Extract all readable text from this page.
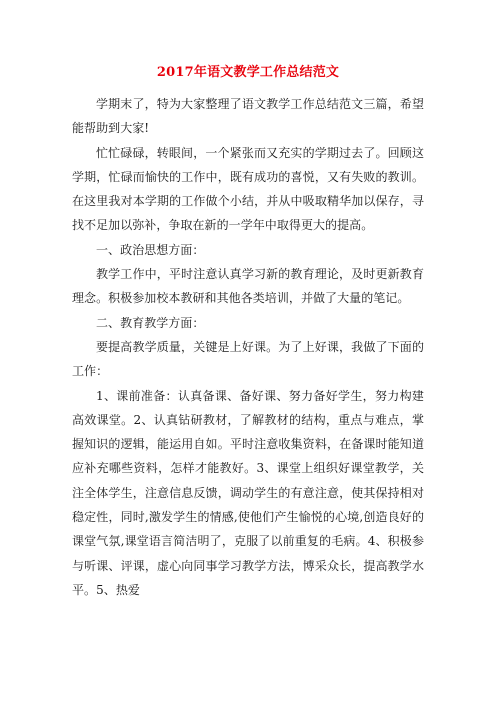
2017年语文教学工作总结范文

学期末了，特为大家整理了语文教学工作总结范文三篇，希望能帮助到大家!

忙忙碌碌，转眼间，一个紧张而又充实的学期过去了。回顾这学期，忙碌而愉快的工作中，既有成功的喜悦，又有失败的教训。在这里我对本学期的工作做个小结，并从中吸取精华加以保存，寻找不足加以弥补，争取在新的一学年中取得更大的提高。

一、政治思想方面：

教学工作中，平时注意认真学习新的教育理论，及时更新教育理念。积极参加校本教研和其他各类培训，并做了大量的笔记。

二、教育教学方面：

要提高教学质量，关键是上好课。为了上好课，我做了下面的工作：

1、课前准备：认真备课、备好课、努力备好学生，努力构建高效课堂。2、认真钻研教材，了解教材的结构，重点与难点，掌握知识的逻辑，能运用自如。平时注意收集资料，在备课时能知道应补充哪些资料，怎样才能教好。3、课堂上组织好课堂教学，关注全体学生，注意信息反馈，调动学生的有意注意，使其保持相对稳定性，同时,激发学生的情感,使他们产生愉悦的心境,创造良好的课堂气氛,课堂语言简洁明了，克服了以前重复的毛病。4、积极参与听课、评课，虚心向同事学习教学方法，博采众长，提高教学水平。5、热爱
